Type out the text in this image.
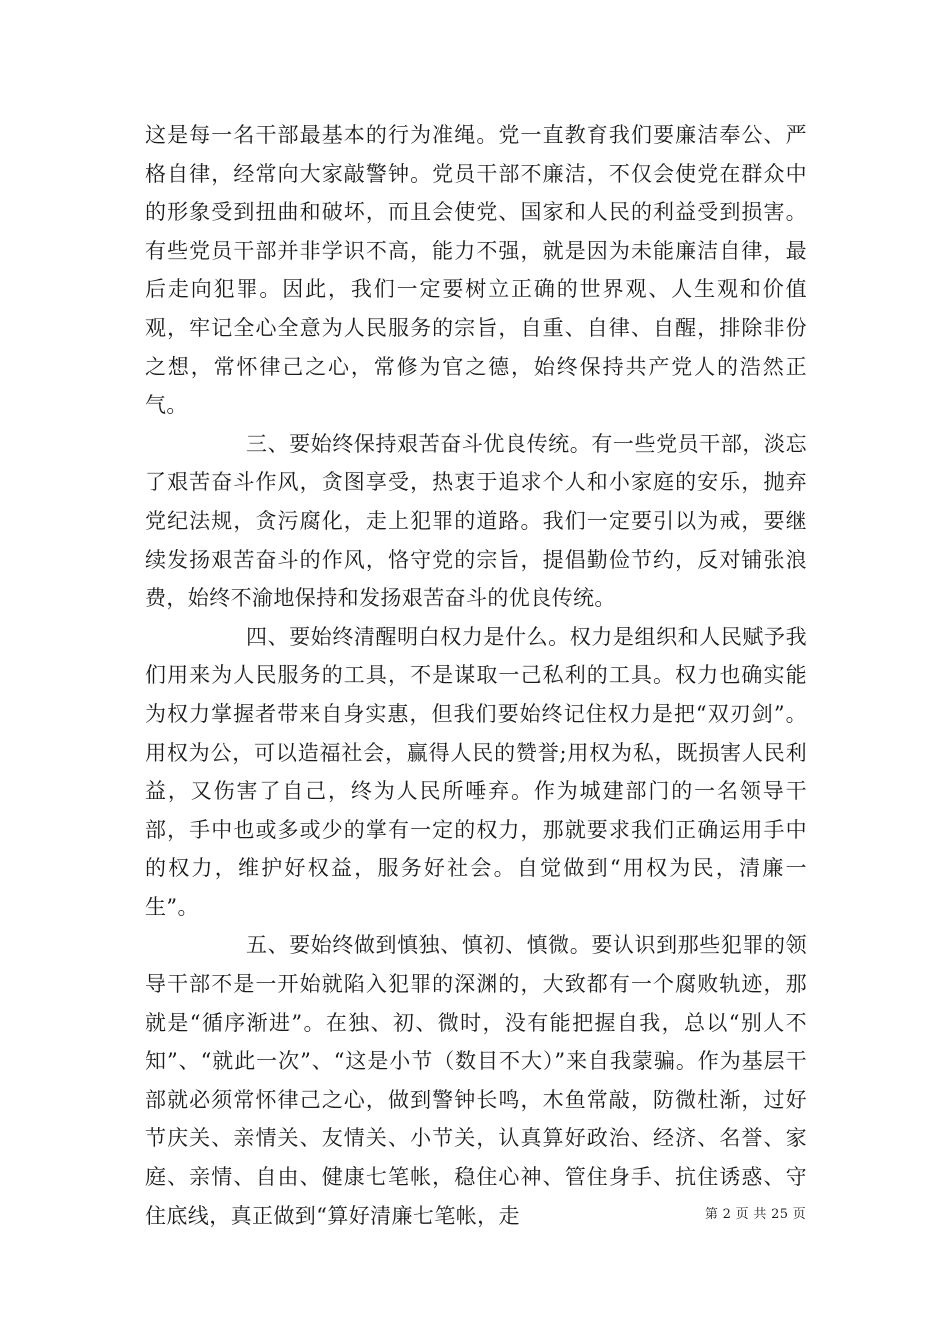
这是每一名干部最基本的行为准绳。党一直教育我们要廉洁奉公、严格自律，经常向大家敲警钟。党员干部不廉洁，不仅会使党在群众中的形象受到扭曲和破坏，而且会使党、国家和人民的利益受到损害。有些党员干部并非学识不高，能力不强，就是因为未能廉洁自律，最后走向犯罪。因此，我们一定要树立正确的世界观、人生观和价值观，牢记全心全意为人民服务的宗旨，自重、自律、自醒，排除非份之想，常怀律己之心，常修为官之德，始终保持共产党人的浩然正气。

三、要始终保持艰苦奋斗优良传统。有一些党员干部，淡忘了艰苦奋斗作风，贪图享受，热衷于追求个人和小家庭的安乐，抛弃党纪法规，贪污腐化，走上犯罪的道路。我们一定要引以为戒，要继续发扬艰苦奋斗的作风，恪守党的宗旨，提倡勤俭节约，反对铺张浪费，始终不渝地保持和发扬艰苦奋斗的优良传统。

四、要始终清醒明白权力是什么。权力是组织和人民赋予我们用来为人民服务的工具，不是谋取一己私利的工具。权力也确实能为权力掌握者带来自身实惠，但我们要始终记住权力是把“双刃剑”。用权为公，可以造福社会，赢得人民的赞誉;用权为私，既损害人民利益，又伤害了自己，终为人民所唾弃。作为城建部门的一名领导干部，手中也或多或少的掌有一定的权力，那就要求我们正确运用手中的权力，维护好权益，服务好社会。自觉做到“用权为民，清廉一生”。

五、要始终做到慎独、慎初、慎微。要认识到那些犯罪的领导干部不是一开始就陷入犯罪的深渊的，大致都有一个腐败轨迹，那就是“循序渐进”。在独、初、微时，没有能把握自我，总以“别人不知”、“就此一次”、“这是小节（数目不大）”来自我蒙骗。作为基层干部就必须常怀律己之心，做到警钟长鸣，木鱼常敲，防微杜渐，过好节庆关、亲情关、友情关、小节关，认真算好政治、经济、名誉、家庭、亲情、自由、健康七笔帐，稳住心神、管住身手、抗住诱惑、守住底线，真正做到“算好清廉七笔帐，走	第 2 页 共 25 页
